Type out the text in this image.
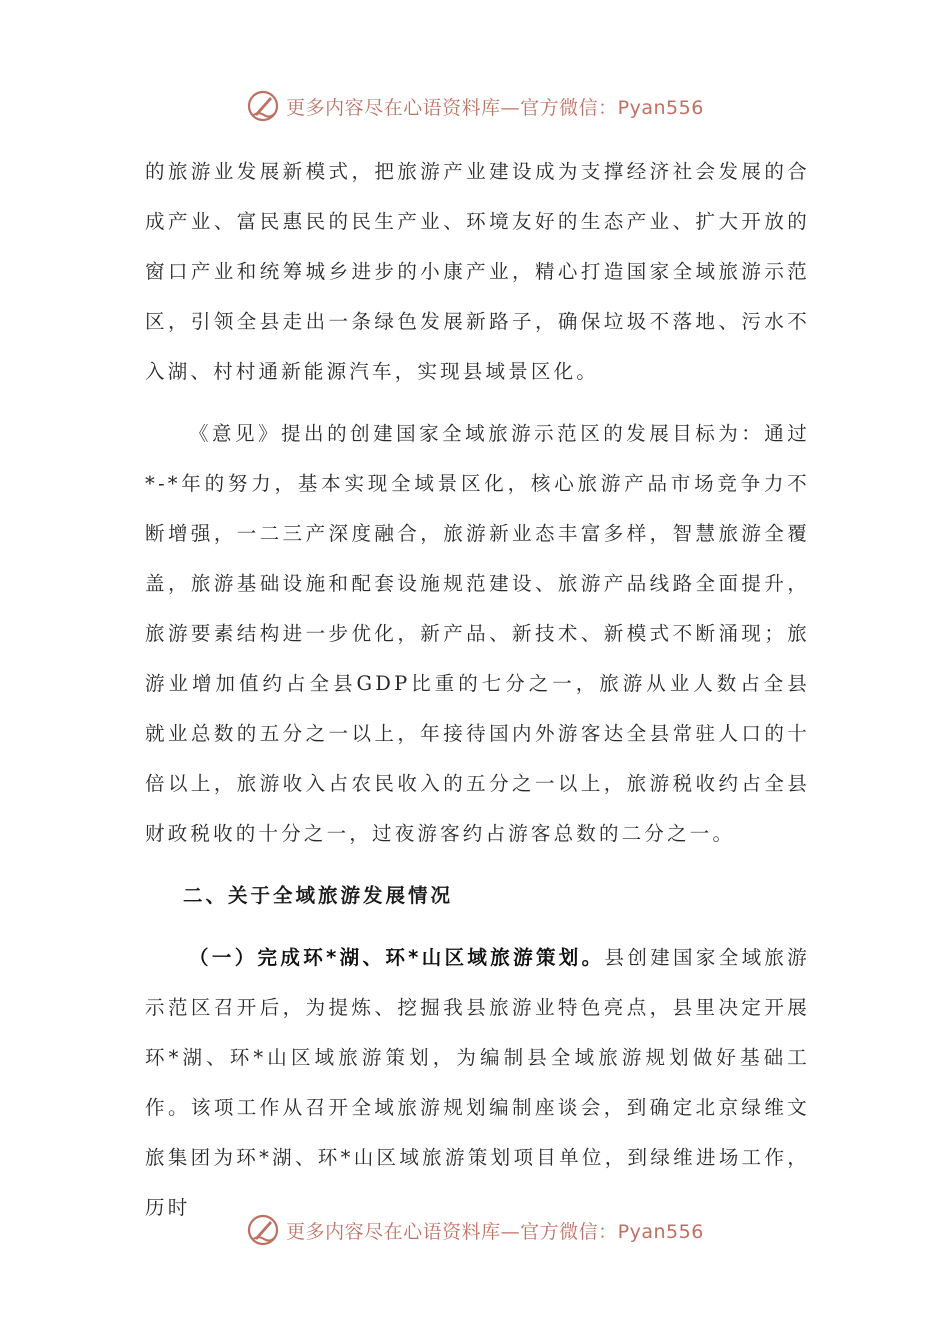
更多内容尽在心语资料库—官方微信：Pyan556

的旅游业发展新模式，把旅游产业建设成为支撑经济社会发展的合成产业、富民惠民的民生产业、环境友好的生态产业、扩大开放的窗口产业和统筹城乡进步的小康产业，精心打造国家全域旅游示范区，引领全县走出一条绿色发展新路子，确保垃圾不落地、污水不入湖、村村通新能源汽车，实现县域景区化。

《意见》提出的创建国家全域旅游示范区的发展目标为：通过*-*年的努力，基本实现全域景区化，核心旅游产品市场竞争力不断增强，一二三产深度融合，旅游新业态丰富多样，智慧旅游全覆盖，旅游基础设施和配套设施规范建设、旅游产品线路全面提升，旅游要素结构进一步优化，新产品、新技术、新模式不断涌现；旅游业增加值约占全县GDP比重的七分之一，旅游从业人数占全县就业总数的五分之一以上，年接待国内外游客达全县常驻人口的十倍以上，旅游收入占农民收入的五分之一以上，旅游税收约占全县财政税收的十分之一，过夜游客约占游客总数的二分之一。

二、关于全域旅游发展情况

（一）完成环*湖、环*山区域旅游策划。县创建国家全域旅游示范区召开后，为提炼、挖掘我县旅游业特色亮点，县里决定开展环*湖、环*山区域旅游策划，为编制县全域旅游规划做好基础工作。该项工作从召开全域旅游规划编制座谈会，到确定北京绿维文旅集团为环*湖、环*山区域旅游策划项目单位，到绿维进场工作，历时

更多内容尽在心语资料库—官方微信：Pyan556
